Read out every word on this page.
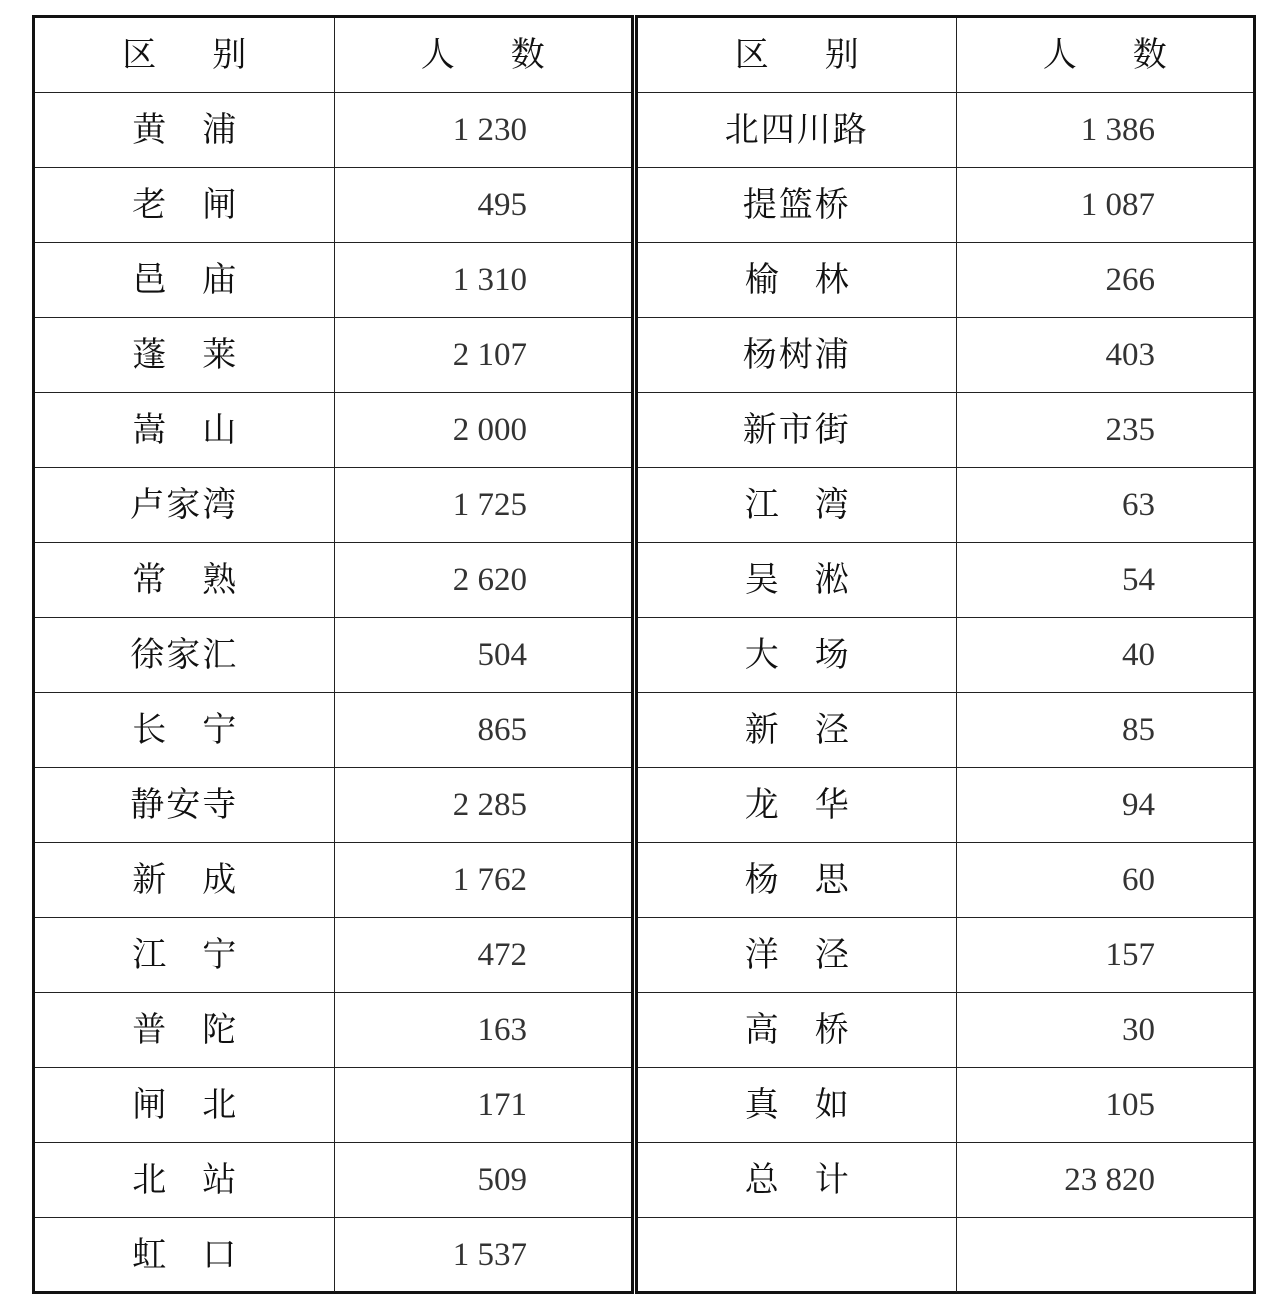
区别	人数
黄浦	1 230
老闸	495
邑庙	1 310
蓬莱	2 107
嵩山	2 000
卢家湾	1 725
常熟	2 620
徐家汇	504
长宁	865
静安寺	2 285
新成	1 762
江宁	472
普陀	163
闸北	171
北站	509
虹口	1 537
区别	人数
北四川路	1 386
提篮桥	1 087
榆林	266
杨树浦	403
新市街	235
江湾	63
吴淞	54
大场	40
新泾	85
龙华	94
杨思	60
洋泾	157
高桥	30
真如	105
总计	23 820
